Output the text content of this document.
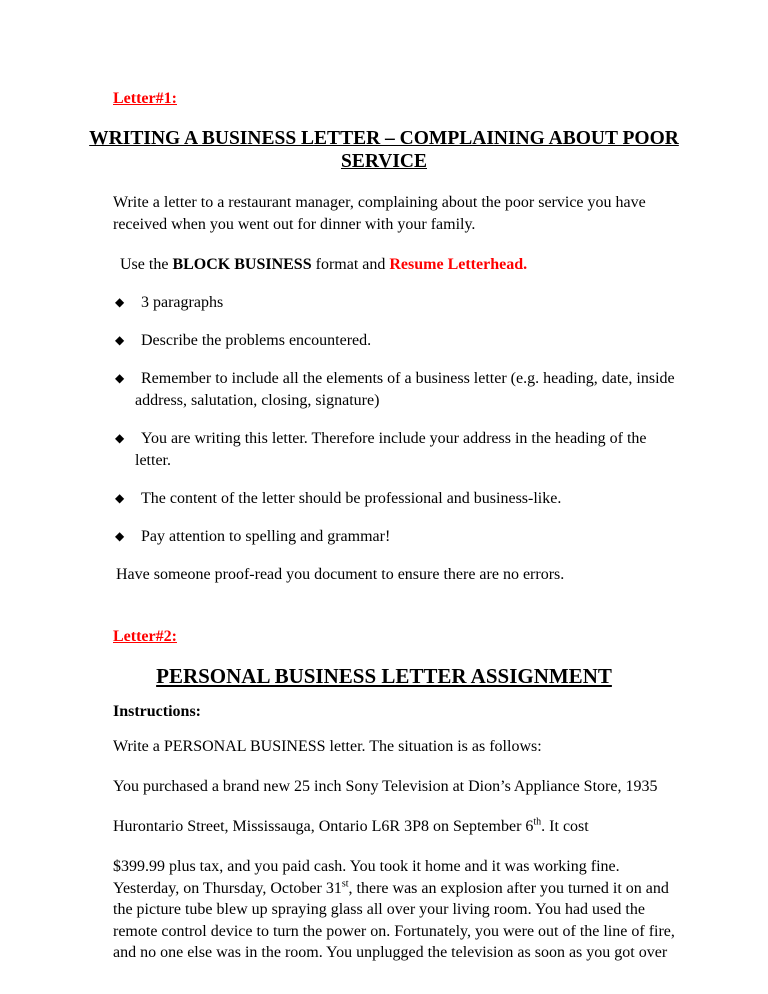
Letter#1:
WRITING A BUSINESS LETTER – COMPLAINING ABOUT POOR
SERVICE
Write a letter to a restaurant manager, complaining about the poor service you have
received when you went out for dinner with your family.
Use the BLOCK BUSINESS format and Resume Letterhead.
◆	3 paragraphs
◆	Describe the problems encountered.
◆	Remember to include all the elements of a business letter (e.g. heading, date, inside
address, salutation, closing, signature)
◆	You are writing this letter. Therefore include your address in the heading of the
letter.
◆	The content of the letter should be professional and business-like.
◆	Pay attention to spelling and grammar!
Have someone proof-read you document to ensure there are no errors.
Letter#2:
PERSONAL BUSINESS LETTER ASSIGNMENT
Instructions:
Write a PERSONAL BUSINESS letter. The situation is as follows:
You purchased a brand new 25 inch Sony Television at Dion’s Appliance Store, 1935
Hurontario Street, Mississauga, Ontario L6R 3P8 on September 6th. It cost
$399.99 plus tax, and you paid cash. You took it home and it was working fine.
Yesterday, on Thursday, October 31st, there was an explosion after you turned it on and
the picture tube blew up spraying glass all over your living room. You had used the
remote control device to turn the power on. Fortunately, you were out of the line of fire,
and no one else was in the room. You unplugged the television as soon as you got over
